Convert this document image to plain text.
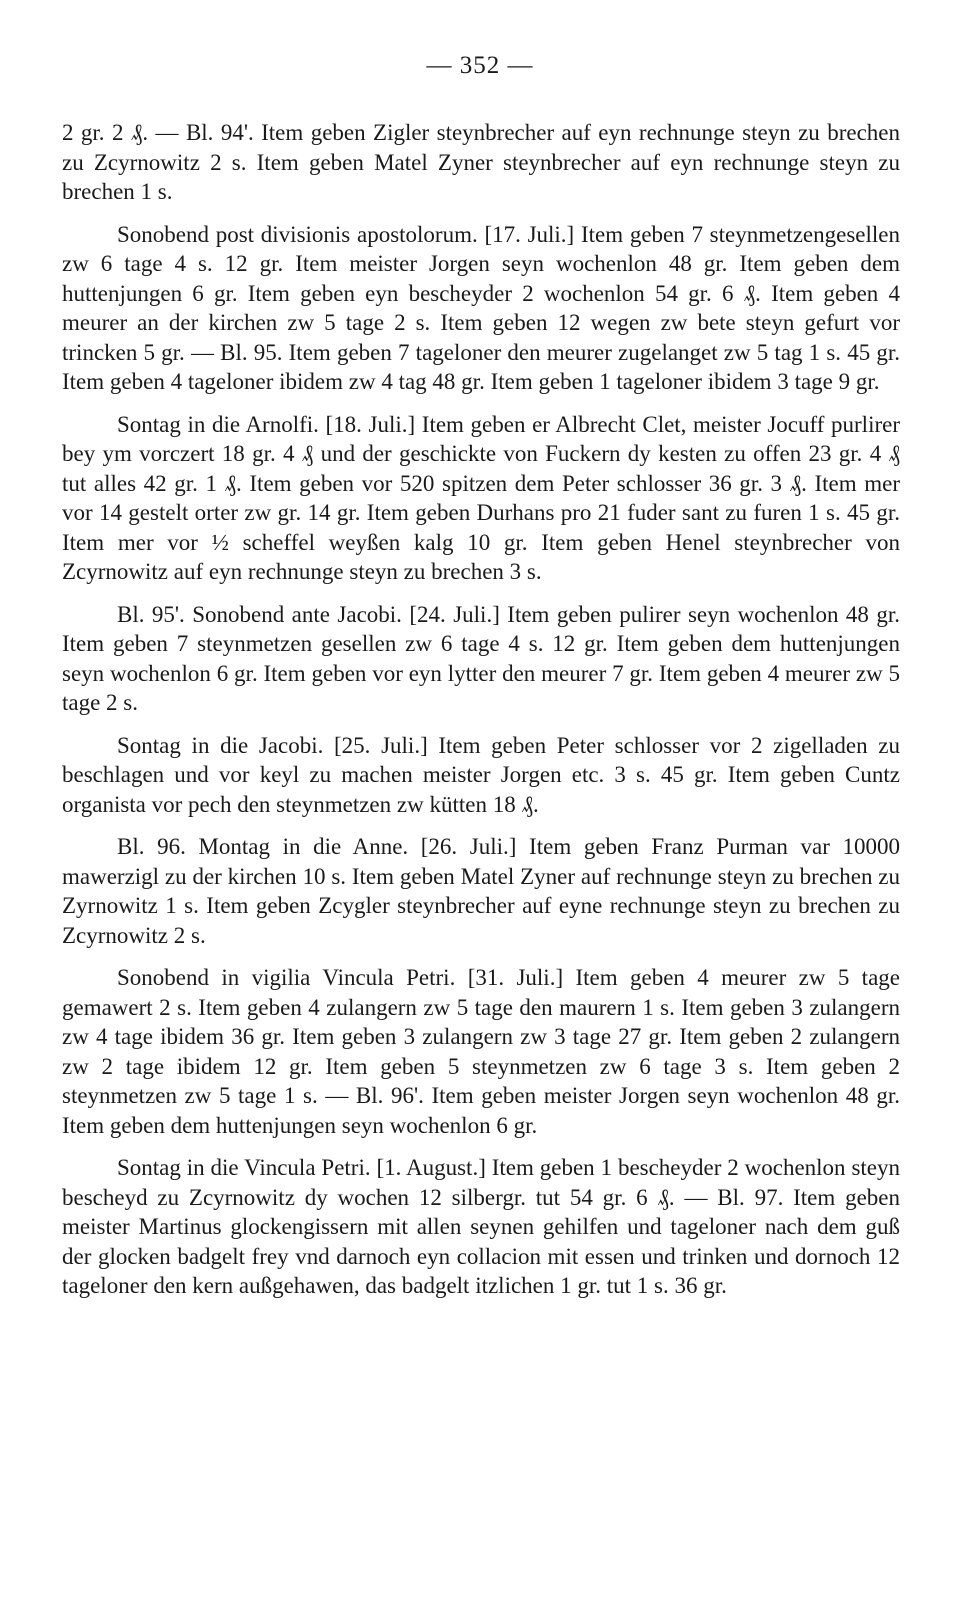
— 352 —

2 gr. 2 ₰. — Bl. 94'. Item geben Zigler steynbrecher auf eyn rechnunge steyn zu brechen zu Zcyrnowitz 2 s. Item geben Matel Zyner steynbrecher auf eyn rechnunge steyn zu brechen 1 s.

Sonobend post divisionis apostolorum. [17. Juli.] Item geben 7 steynmetzengesellen zw 6 tage 4 s. 12 gr. Item meister Jorgen seyn wochenlon 48 gr. Item geben dem huttenjungen 6 gr. Item geben eyn bescheyder 2 wochenlon 54 gr. 6 ₰. Item geben 4 meurer an der kirchen zw 5 tage 2 s. Item geben 12 wegen zw bete steyn gefurt vor trincken 5 gr. — Bl. 95. Item geben 7 tageloner den meurer zugelanget zw 5 tag 1 s. 45 gr. Item geben 4 tageloner ibidem zw 4 tag 48 gr. Item geben 1 tageloner ibidem 3 tage 9 gr.

Sontag in die Arnolfi. [18. Juli.] Item geben er Albrecht Clet, meister Jocuff purlirer bey ym vorczert 18 gr. 4 ₰ und der geschickte von Fuckern dy kesten zu offen 23 gr. 4 ₰ tut alles 42 gr. 1 ₰. Item geben vor 520 spitzen dem Peter schlosser 36 gr. 3 ₰. Item mer vor 14 gestelt orter zw gr. 14 gr. Item geben Durhans pro 21 fuder sant zu furen 1 s. 45 gr. Item mer vor ½ scheffel weyßen kalg 10 gr. Item geben Henel steynbrecher von Zcyrnowitz auf eyn rechnunge steyn zu brechen 3 s.

Bl. 95'. Sonobend ante Jacobi. [24. Juli.] Item geben pulirer seyn wochenlon 48 gr. Item geben 7 steynmetzen gesellen zw 6 tage 4 s. 12 gr. Item geben dem huttenjungen seyn wochenlon 6 gr. Item geben vor eyn lytter den meurer 7 gr. Item geben 4 meurer zw 5 tage 2 s.

Sontag in die Jacobi. [25. Juli.] Item geben Peter schlosser vor 2 zigelladen zu beschlagen und vor keyl zu machen meister Jorgen etc. 3 s. 45 gr. Item geben Cuntz organista vor pech den steynmetzen zw kütten 18 ₰.

Bl. 96. Montag in die Anne. [26. Juli.] Item geben Franz Purman var 10000 mawerzigl zu der kirchen 10 s. Item geben Matel Zyner auf rechnunge steyn zu brechen zu Zyrnowitz 1 s. Item geben Zcygler steynbrecher auf eyne rechnunge steyn zu brechen zu Zcyrnowitz 2 s.

Sonobend in vigilia Vincula Petri. [31. Juli.] Item geben 4 meurer zw 5 tage gemawert 2 s. Item geben 4 zulangern zw 5 tage den maurern 1 s. Item geben 3 zulangern zw 4 tage ibidem 36 gr. Item geben 3 zulangern zw 3 tage 27 gr. Item geben 2 zulangern zw 2 tage ibidem 12 gr. Item geben 5 steynmetzen zw 6 tage 3 s. Item geben 2 steynmetzen zw 5 tage 1 s. — Bl. 96'. Item geben meister Jorgen seyn wochenlon 48 gr. Item geben dem huttenjungen seyn wochenlon 6 gr.

Sontag in die Vincula Petri. [1. August.] Item geben 1 bescheyder 2 wochenlon steyn bescheyd zu Zcyrnowitz dy wochen 12 silbergr. tut 54 gr. 6 ₰. — Bl. 97. Item geben meister Martinus glockengissern mit allen seynen gehilfen und tageloner nach dem guß der glocken badgelt frey vnd darnoch eyn collacion mit essen und trinken und dornoch 12 tageloner den kern außgehawen, das badgelt itzlichen 1 gr. tut 1 s. 36 gr.
